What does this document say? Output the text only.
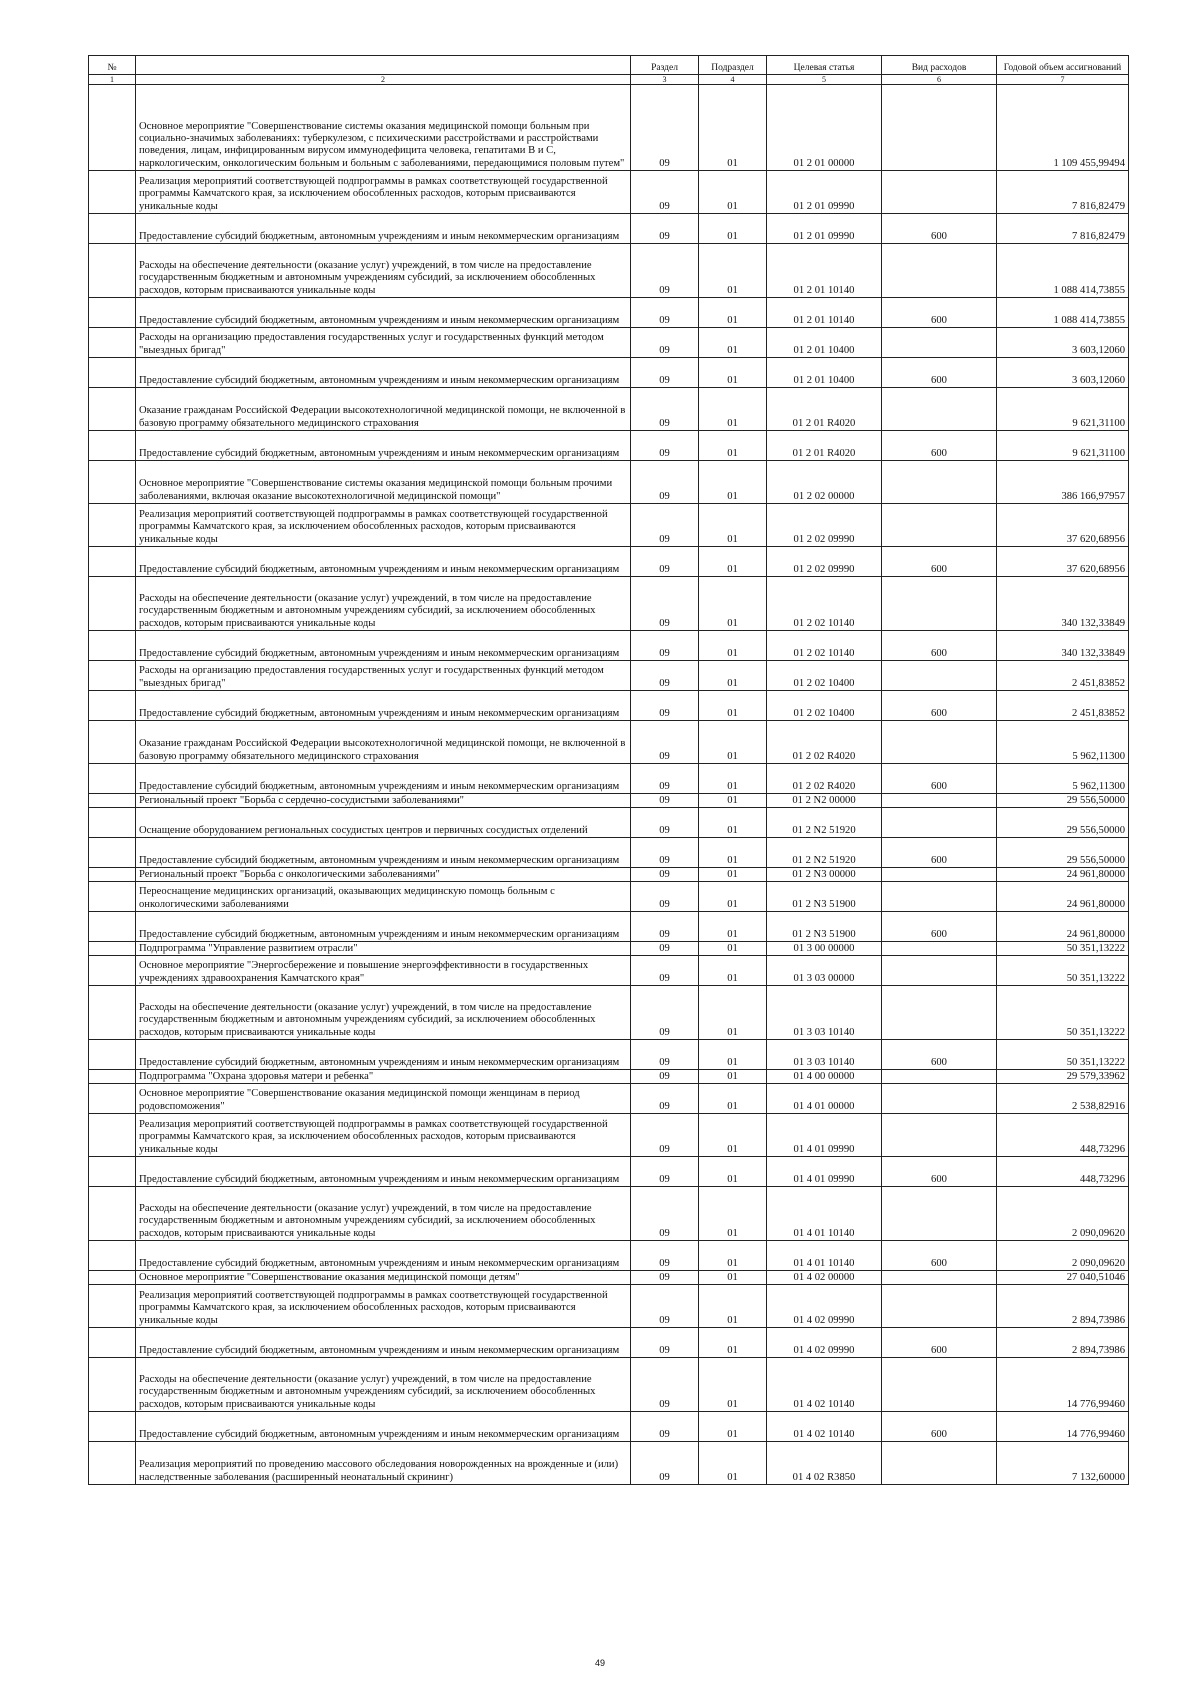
№		Раздел	Подраздел	Целевая статья	Вид расходов	Годовой объем ассигнований
1	2	3	4	5	6	7
	Основное мероприятие "Совершенствование системы оказания медицинской помощи больным при социально-значимых заболеваниях: туберкулезом, с психическими расстройствами и расстройствами поведения, лицам, инфицированным вирусом иммунодефицита человека, гепатитами В и С, наркологическим, онкологическим больным и больным с заболеваниями, передающимися половым путем"	09	01	01 2 01 00000		1 109 455,99494
	Реализация мероприятий соответствующей подпрограммы в рамках соответствующей государственной программы Камчатского края, за исключением обособленных расходов, которым присваиваются уникальные коды	09	01	01 2 01 09990		7 816,82479
	Предоставление субсидий бюджетным, автономным учреждениям и иным некоммерческим организациям	09	01	01 2 01 09990	600	7 816,82479
	Расходы на обеспечение деятельности (оказание услуг) учреждений, в том числе на предоставление государственным бюджетным и автономным учреждениям субсидий, за исключением обособленных расходов, которым присваиваются уникальные коды	09	01	01 2 01 10140		1 088 414,73855
	Предоставление субсидий бюджетным, автономным учреждениям и иным некоммерческим организациям	09	01	01 2 01 10140	600	1 088 414,73855
	Расходы на организацию предоставления государственных услуг и государственных функций методом "выездных бригад"	09	01	01 2 01 10400		3 603,12060
	Предоставление субсидий бюджетным, автономным учреждениям и иным некоммерческим организациям	09	01	01 2 01 10400	600	3 603,12060
	Оказание гражданам Российской Федерации высокотехнологичной медицинской помощи, не включенной в базовую программу обязательного медицинского страхования	09	01	01 2 01 R4020		9 621,31100
	Предоставление субсидий бюджетным, автономным учреждениям и иным некоммерческим организациям	09	01	01 2 01 R4020	600	9 621,31100
	Основное мероприятие "Совершенствование системы оказания медицинской помощи больным прочими заболеваниями, включая оказание высокотехнологичной медицинской помощи"	09	01	01 2 02 00000		386 166,97957
	Реализация мероприятий соответствующей подпрограммы в рамках соответствующей государственной программы Камчатского края, за исключением обособленных расходов, которым присваиваются уникальные коды	09	01	01 2 02 09990		37 620,68956
	Предоставление субсидий бюджетным, автономным учреждениям и иным некоммерческим организациям	09	01	01 2 02 09990	600	37 620,68956
	Расходы на обеспечение деятельности (оказание услуг) учреждений, в том числе на предоставление государственным бюджетным и автономным учреждениям субсидий, за исключением обособленных расходов, которым присваиваются уникальные коды	09	01	01 2 02 10140		340 132,33849
	Предоставление субсидий бюджетным, автономным учреждениям и иным некоммерческим организациям	09	01	01 2 02 10140	600	340 132,33849
	Расходы на организацию предоставления государственных услуг и государственных функций методом "выездных бригад"	09	01	01 2 02 10400		2 451,83852
	Предоставление субсидий бюджетным, автономным учреждениям и иным некоммерческим организациям	09	01	01 2 02 10400	600	2 451,83852
	Оказание гражданам Российской Федерации высокотехнологичной медицинской помощи, не включенной в базовую программу обязательного медицинского страхования	09	01	01 2 02 R4020		5 962,11300
	Предоставление субсидий бюджетным, автономным учреждениям и иным некоммерческим организациям	09	01	01 2 02 R4020	600	5 962,11300
	Региональный проект "Борьба с сердечно-сосудистыми заболеваниями"	09	01	01 2 N2 00000		29 556,50000
	Оснащение оборудованием региональных сосудистых центров и первичных сосудистых отделений	09	01	01 2 N2 51920		29 556,50000
	Предоставление субсидий бюджетным, автономным учреждениям и иным некоммерческим организациям	09	01	01 2 N2 51920	600	29 556,50000
	Региональный проект "Борьба с онкологическими заболеваниями"	09	01	01 2 N3 00000		24 961,80000
	Переоснащение медицинских организаций, оказывающих медицинскую помощь больным с онкологическими заболеваниями	09	01	01 2 N3 51900		24 961,80000
	Предоставление субсидий бюджетным, автономным учреждениям и иным некоммерческим организациям	09	01	01 2 N3 51900	600	24 961,80000
	Подпрограмма "Управление развитием отрасли"	09	01	01 3 00 00000		50 351,13222
	Основное мероприятие "Энергосбережение и повышение энергоэффективности в государственных учреждениях здравоохранения Камчатского края"	09	01	01 3 03 00000		50 351,13222
	Расходы на обеспечение деятельности (оказание услуг) учреждений, в том числе на предоставление государственным бюджетным и автономным учреждениям субсидий, за исключением обособленных расходов, которым присваиваются уникальные коды	09	01	01 3 03 10140		50 351,13222
	Предоставление субсидий бюджетным, автономным учреждениям и иным некоммерческим организациям	09	01	01 3 03 10140	600	50 351,13222
	Подпрограмма "Охрана здоровья матери и ребенка"	09	01	01 4 00 00000		29 579,33962
	Основное мероприятие "Совершенствование оказания медицинской помощи женщинам в период родовспоможения"	09	01	01 4 01 00000		2 538,82916
	Реализация мероприятий соответствующей подпрограммы в рамках соответствующей государственной программы Камчатского края, за исключением обособленных расходов, которым присваиваются уникальные коды	09	01	01 4 01 09990		448,73296
	Предоставление субсидий бюджетным, автономным учреждениям и иным некоммерческим организациям	09	01	01 4 01 09990	600	448,73296
	Расходы на обеспечение деятельности (оказание услуг) учреждений, в том числе на предоставление государственным бюджетным и автономным учреждениям субсидий, за исключением обособленных расходов, которым присваиваются уникальные коды	09	01	01 4 01 10140		2 090,09620
	Предоставление субсидий бюджетным, автономным учреждениям и иным некоммерческим организациям	09	01	01 4 01 10140	600	2 090,09620
	Основное мероприятие "Совершенствование оказания медицинской помощи детям"	09	01	01 4 02 00000		27 040,51046
	Реализация мероприятий соответствующей подпрограммы в рамках соответствующей государственной программы Камчатского края, за исключением обособленных расходов, которым присваиваются уникальные коды	09	01	01 4 02 09990		2 894,73986
	Предоставление субсидий бюджетным, автономным учреждениям и иным некоммерческим организациям	09	01	01 4 02 09990	600	2 894,73986
	Расходы на обеспечение деятельности (оказание услуг) учреждений, в том числе на предоставление государственным бюджетным и автономным учреждениям субсидий, за исключением обособленных расходов, которым присваиваются уникальные коды	09	01	01 4 02 10140		14 776,99460
	Предоставление субсидий бюджетным, автономным учреждениям и иным некоммерческим организациям	09	01	01 4 02 10140	600	14 776,99460
	Реализация мероприятий по проведению массового обследования новорожденных на врожденные и (или) наследственные заболевания (расширенный неонатальный скрининг)	09	01	01 4 02 R3850		7 132,60000
49
